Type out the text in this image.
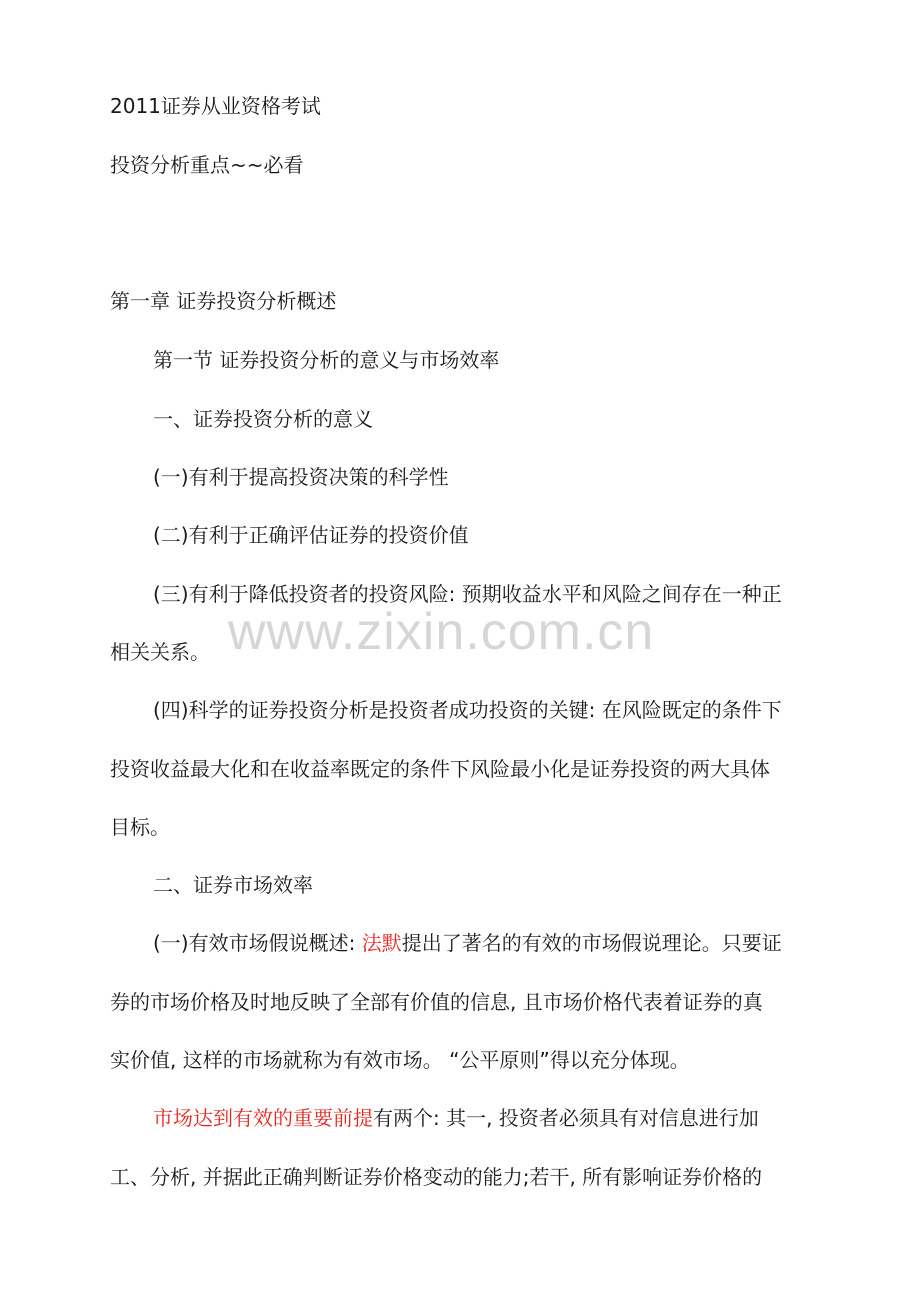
2011证券从业资格考试

投资分析重点~~必看

第一章 证券投资分析概述

第一节 证券投资分析的意义与市场效率

一、证券投资分析的意义

(一)有利于提高投资决策的科学性

(二)有利于正确评估证券的投资价值

(三)有利于降低投资者的投资风险: 预期收益水平和风险之间存在一种正

相关关系。

(四)科学的证券投资分析是投资者成功投资的关键: 在风险既定的条件下

投资收益最大化和在收益率既定的条件下风险最小化是证券投资的两大具体

目标。

二、证券市场效率

(一)有效市场假说概述: 法默提出了著名的有效的市场假说理论。只要证

券的市场价格及时地反映了全部有价值的信息, 且市场价格代表着证券的真

实价值, 这样的市场就称为有效市场。 “公平原则”得以充分体现。

市场达到有效的重要前提有两个: 其一, 投资者必须具有对信息进行加

工、分析, 并据此正确判断证券价格变动的能力;若干, 所有影响证券价格的

www.zixin.com.cn
